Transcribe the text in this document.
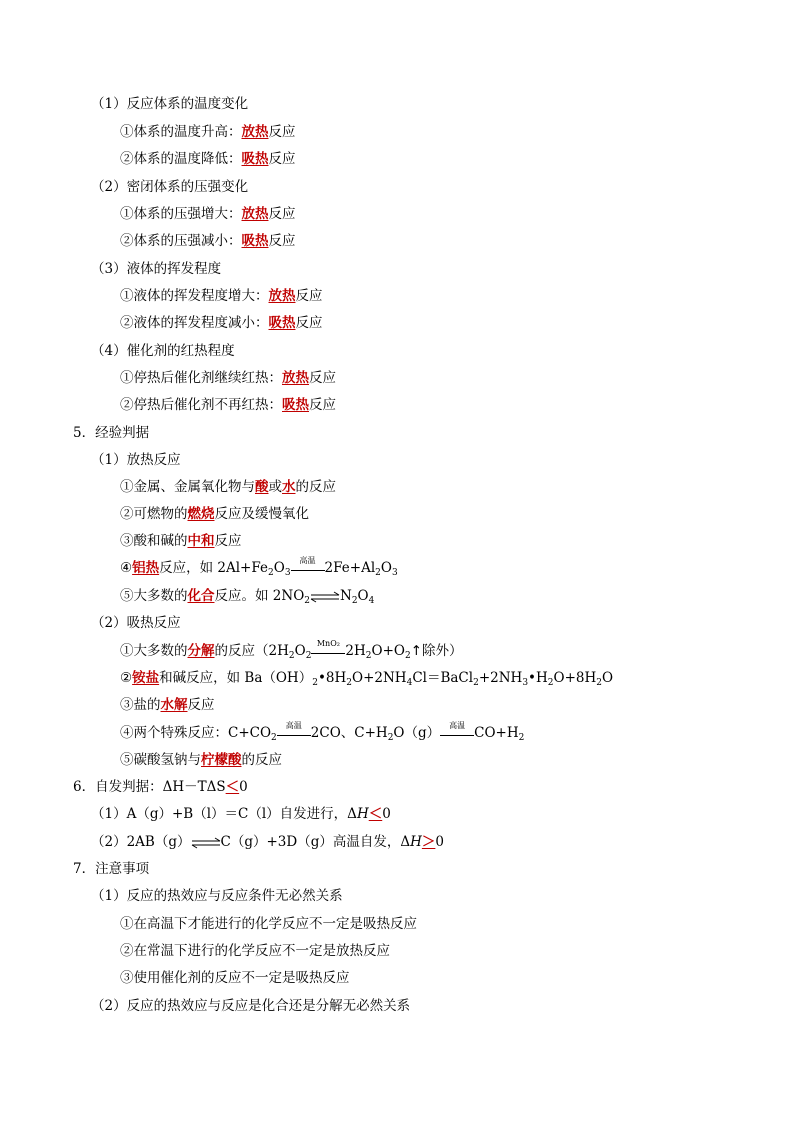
（1）反应体系的温度变化
①体系的温度升高：放热反应
②体系的温度降低：吸热反应
（2）密闭体系的压强变化
①体系的压强增大：放热反应
②体系的压强减小：吸热反应
（3）液体的挥发程度
①液体的挥发程度增大：放热反应
②液体的挥发程度减小：吸热反应
（4）催化剂的红热程度
①停热后催化剂继续红热：放热反应
②停热后催化剂不再红热：吸热反应
5．经验判据
（1）放热反应
①金属、金属氧化物与酸或水的反应
②可燃物的燃烧反应及缓慢氧化
③酸和碱的中和反应
④铝热反应，如 $2Al+Fe_2O_3$
高温 $2Fe+Al_2O_3$
⑤大多数的化合反应。如 $2NO_2\rightleftharpoons N_2O_4$
（2）吸热反应
①大多数的分解的反应（$2H_2O_2$
MnO₂ $2H_2O+O_2↑$除外）
②铵盐和碱反应，如 $Ba(OH)_2•8H_2O+2NH_4Cl=BaCl_2+2NH_3•H_2O+8H_2O$
③盐的水解反应
④两个特殊反应：$C+CO_2$
高温 2CO、$C+H_2O(g)$	高温 $CO+H_2$
⑤碳酸氢钠与柠檬酸的反应
6．自发判据：ΔH－TΔS＜0
（1）A（g）+B（l）＝C（l）自发进行，ΔH＜0
（2）2AB（g）⇌C（g）+3D（g）高温自发，ΔH＞0
7．注意事项
（1）反应的热效应与反应条件无必然关系
①在高温下才能进行的化学反应不一定是吸热反应
②在常温下进行的化学反应不一定是放热反应
③使用催化剂的反应不一定是吸热反应
（2）反应的热效应与反应是化合还是分解无必然关系
